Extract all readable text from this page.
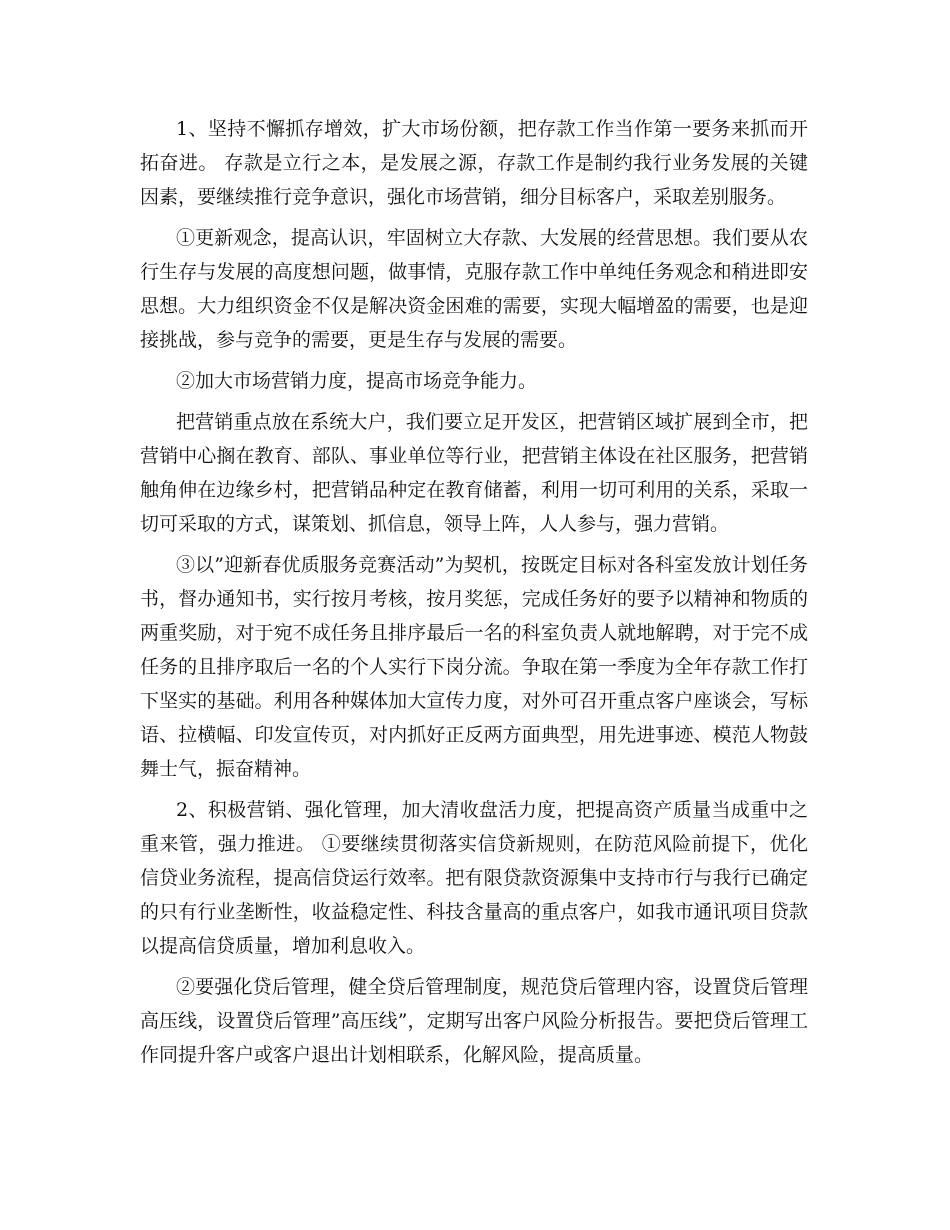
1、坚持不懈抓存增效，扩大市场份额，把存款工作当作第一要务来抓而开拓奋进。 存款是立行之本，是发展之源，存款工作是制约我行业务发展的关键因素，要继续推行竞争意识，强化市场营销，细分目标客户，采取差别服务。

①更新观念，提高认识，牢固树立大存款、大发展的经营思想。我们要从农行生存与发展的高度想问题，做事情，克服存款工作中单纯任务观念和稍进即安思想。大力组织资金不仅是解决资金困难的需要，实现大幅增盈的需要，也是迎接挑战，参与竞争的需要，更是生存与发展的需要。

②加大市场营销力度，提高市场竞争能力。

把营销重点放在系统大户，我们要立足开发区，把营销区域扩展到全市，把营销中心搁在教育、部队、事业单位等行业，把营销主体设在社区服务，把营销触角伸在边缘乡村，把营销品种定在教育储蓄，利用一切可利用的关系，采取一切可采取的方式，谋策划、抓信息，领导上阵，人人参与，强力营销。

③以”迎新春优质服务竞赛活动”为契机，按既定目标对各科室发放计划任务书，督办通知书，实行按月考核，按月奖惩，完成任务好的要予以精神和物质的两重奖励，对于宛不成任务且排序最后一名的科室负责人就地解聘，对于完不成任务的且排序取后一名的个人实行下岗分流。争取在第一季度为全年存款工作打下坚实的基础。利用各种媒体加大宣传力度，对外可召开重点客户座谈会，写标语、拉横幅、印发宣传页，对内抓好正反两方面典型，用先进事迹、模范人物鼓舞士气，振奋精神。

2、积极营销、强化管理，加大清收盘活力度，把提高资产质量当成重中之重来管，强力推进。 ①要继续贯彻落实信贷新规则，在防范风险前提下，优化信贷业务流程，提高信贷运行效率。把有限贷款资源集中支持市行与我行已确定的只有行业垄断性，收益稳定性、科技含量高的重点客户，如我市通讯项目贷款以提高信贷质量，增加利息收入。

②要强化贷后管理，健全贷后管理制度，规范贷后管理内容，设置贷后管理高压线，设置贷后管理”高压线”，定期写出客户风险分析报告。要把贷后管理工作同提升客户或客户退出计划相联系，化解风险，提高质量。
